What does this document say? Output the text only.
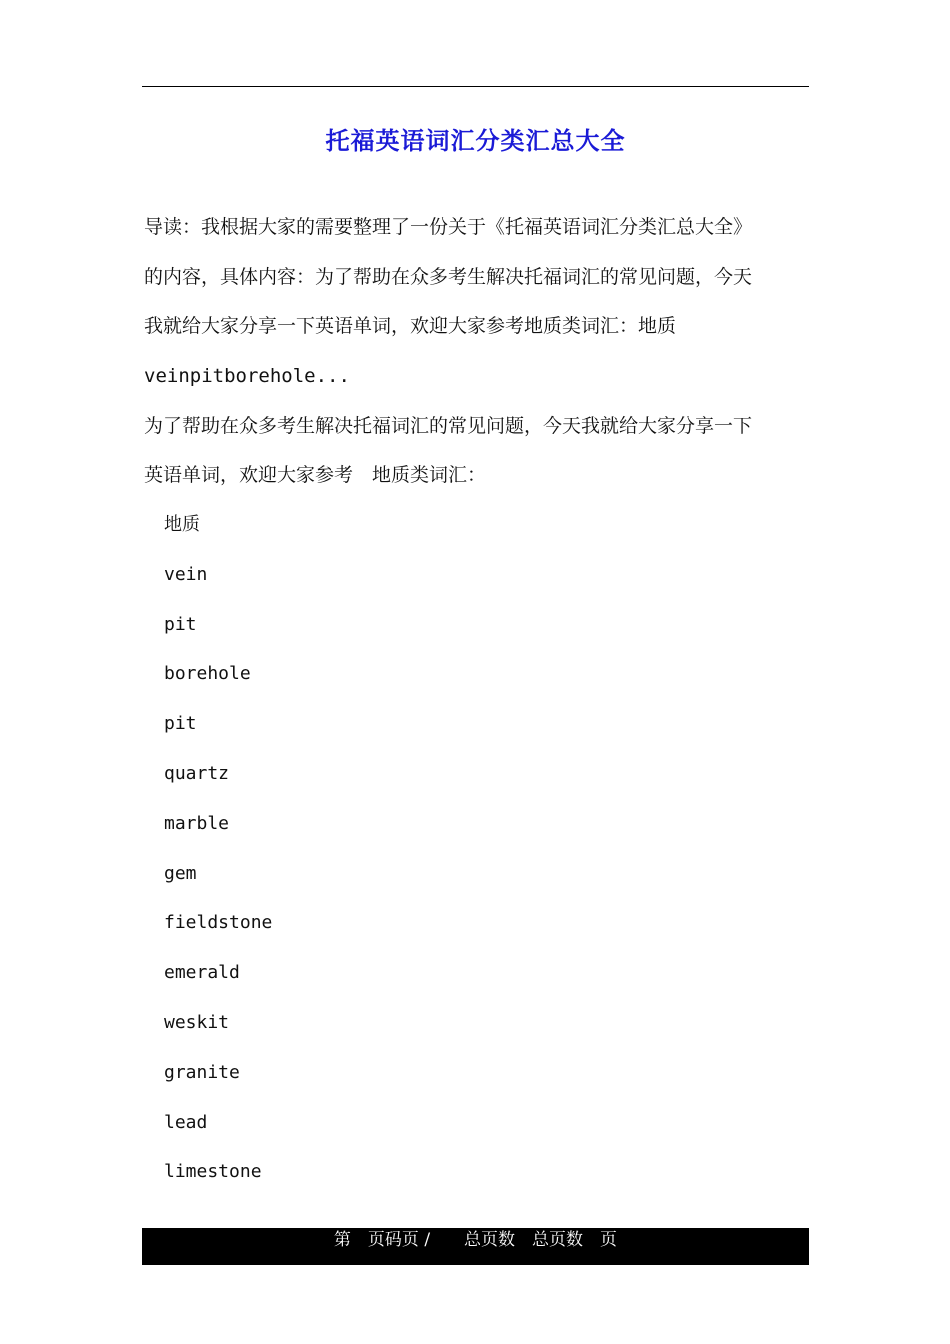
托福英语词汇分类汇总大全
导读：我根据大家的需要整理了一份关于《托福英语词汇分类汇总大全》
的内容，具体内容：为了帮助在众多考生解决托福词汇的常见问题，今天
我就给大家分享一下英语单词，欢迎大家参考地质类词汇：地质
veinpitborehole...
为了帮助在众多考生解决托福词汇的常见问题，今天我就给大家分享一下
英语单词，欢迎大家参考　地质类词汇：
地质
vein
pit
borehole
pit
quartz
marble
gem
fieldstone
emerald
weskit
granite
lead
limestone
第　页码页 /　　总页数　总页数　页
